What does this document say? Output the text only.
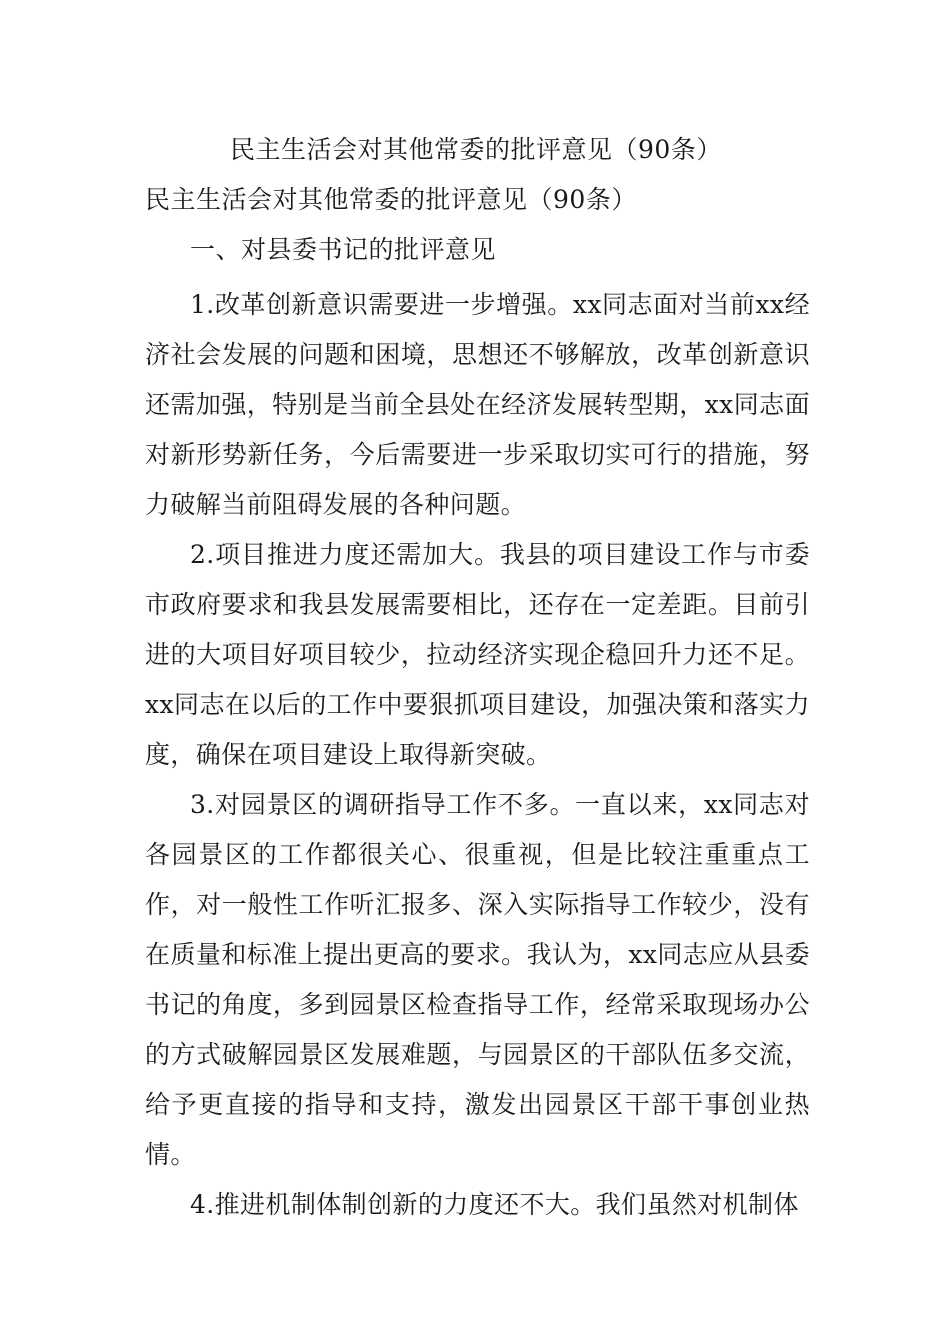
民主生活会对其他常委的批评意见（90条）
民主生活会对其他常委的批评意见（90条）
一、对县委书记的批评意见

1.改革创新意识需要进一步增强。xx同志面对当前xx经济社会发展的问题和困境，思想还不够解放，改革创新意识还需加强，特别是当前全县处在经济发展转型期，xx同志面对新形势新任务，今后需要进一步采取切实可行的措施，努力破解当前阻碍发展的各种问题。

2.项目推进力度还需加大。我县的项目建设工作与市委市政府要求和我县发展需要相比，还存在一定差距。目前引进的大项目好项目较少，拉动经济实现企稳回升力还不足。xx同志在以后的工作中要狠抓项目建设，加强决策和落实力度，确保在项目建设上取得新突破。

3.对园景区的调研指导工作不多。一直以来，xx同志对各园景区的工作都很关心、很重视，但是比较注重重点工作，对一般性工作听汇报多、深入实际指导工作较少，没有在质量和标准上提出更高的要求。我认为，xx同志应从县委书记的角度，多到园景区检查指导工作，经常采取现场办公的方式破解园景区发展难题，与园景区的干部队伍多交流，给予更直接的指导和支持，激发出园景区干部干事创业热情。

4.推进机制体制创新的力度还不大。我们虽然对机制体
